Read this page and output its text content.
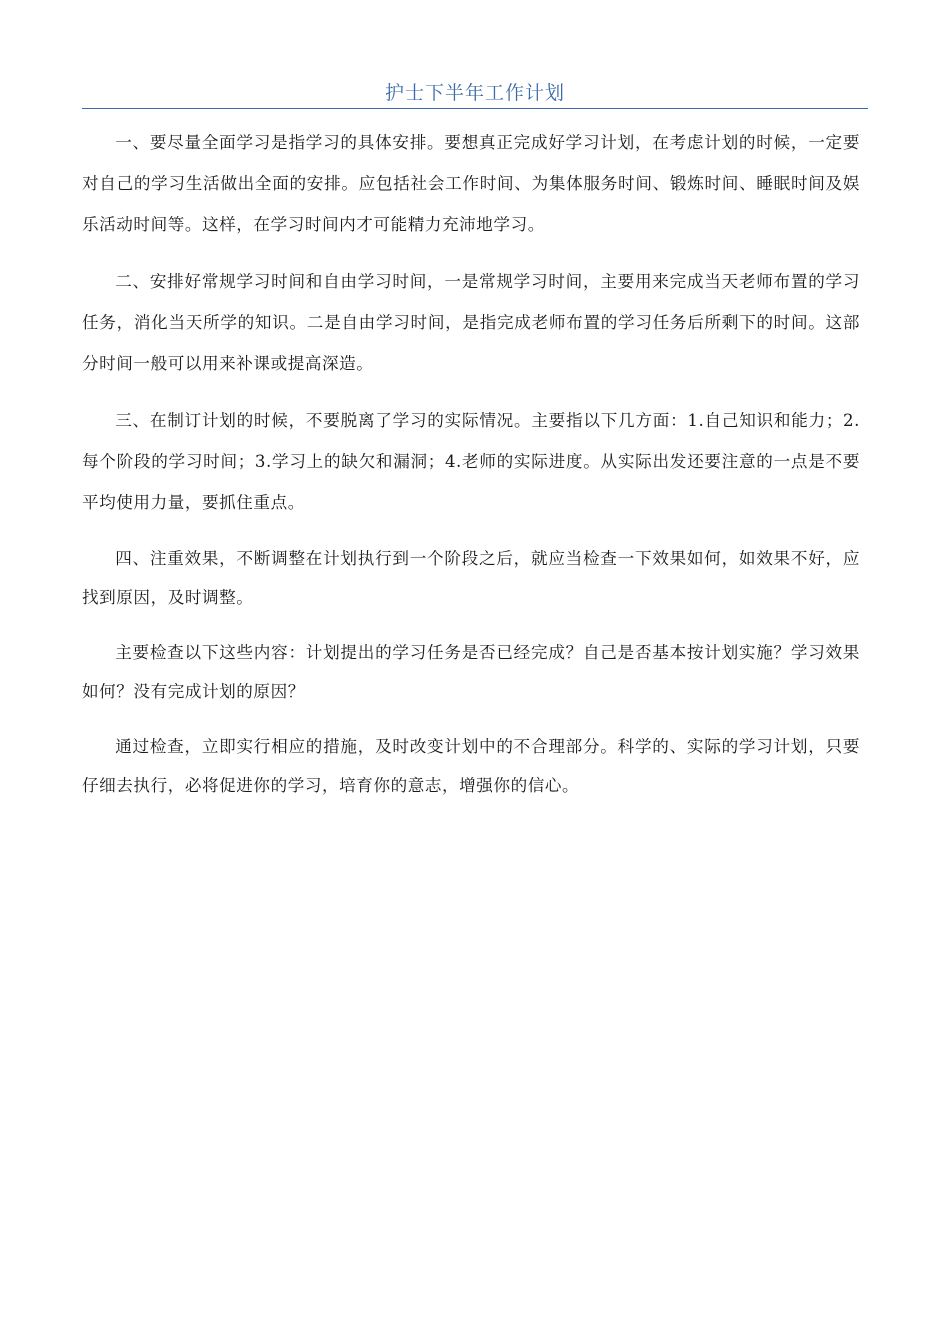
护士下半年工作计划

一、要尽量全面学习是指学习的具体安排。要想真正完成好学习计划，在考虑计划的时候，一定要对自己的学习生活做出全面的安排。应包括社会工作时间、为集体服务时间、锻炼时间、睡眠时间及娱乐活动时间等。这样，在学习时间内才可能精力充沛地学习。

二、安排好常规学习时间和自由学习时间，一是常规学习时间，主要用来完成当天老师布置的学习任务，消化当天所学的知识。二是自由学习时间，是指完成老师布置的学习任务后所剩下的时间。这部分时间一般可以用来补课或提高深造。

三、在制订计划的时候，不要脱离了学习的实际情况。主要指以下几方面：1.自己知识和能力；2.每个阶段的学习时间；3.学习上的缺欠和漏洞；4.老师的实际进度。从实际出发还要注意的一点是不要平均使用力量，要抓住重点。

四、注重效果，不断调整在计划执行到一个阶段之后，就应当检查一下效果如何，如效果不好，应找到原因，及时调整。

主要检查以下这些内容：计划提出的学习任务是否已经完成？自己是否基本按计划实施？学习效果如何？没有完成计划的原因？

通过检查，立即实行相应的措施，及时改变计划中的不合理部分。科学的、实际的学习计划，只要仔细去执行，必将促进你的学习，培育你的意志，增强你的信心。
